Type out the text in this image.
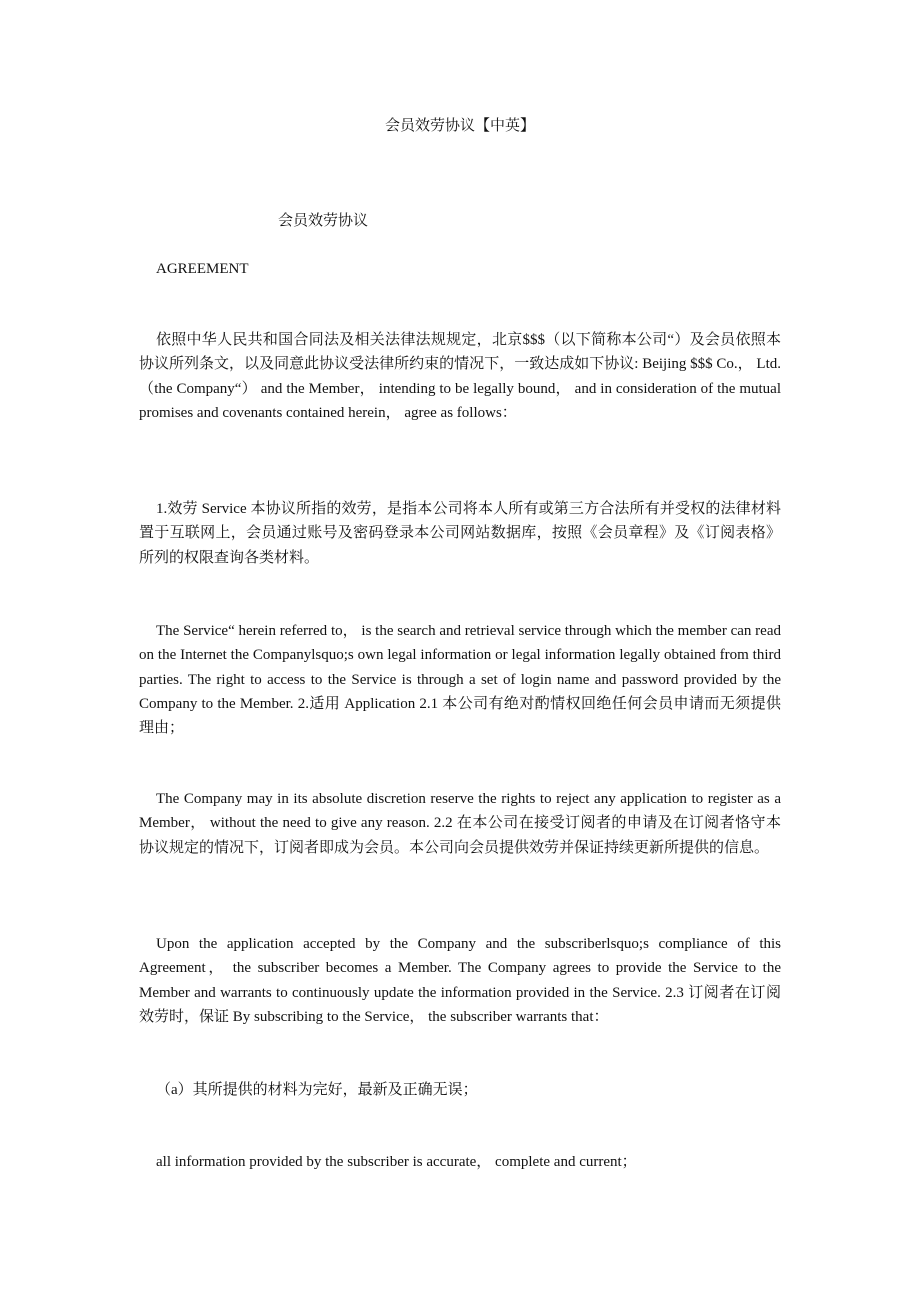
会员效劳协议【中英】
会员效劳协议
AGREEMENT

依照中华人民共和国合同法及相关法律法规规定，北京$$$（以下简称本公司“）及会员依照本协议所列条文，以及同意此协议受法律所约束的情况下，一致达成如下协议: Beijing $$$ Co.， Ltd. （the Company“） and the Member， intending to be legally bound， and in consideration of the mutual promises and covenants contained herein， agree as follows：

1.效劳 Service 本协议所指的效劳，是指本公司将本人所有或第三方合法所有并受权的法律材料置于互联网上，会员通过账号及密码登录本公司网站数据库，按照《会员章程》及《订阅表格》所列的权限查询各类材料。

The Service“ herein referred to， is the search and retrieval service through which the member can read on the Internet the Companylsquo;s own legal information or legal information legally obtained from third parties. The right to access to the Service is through a set of login name and password provided by the Company to the Member. 2.适用 Application 2.1 本公司有绝对酌情权回绝任何会员申请而无须提供理由；

The Company may in its absolute discretion reserve the rights to reject any application to register as a Member， without the need to give any reason. 2.2 在本公司在接受订阅者的申请及在订阅者恪守本协议规定的情况下，订阅者即成为会员。本公司向会员提供效劳并保证持续更新所提供的信息。

Upon the application accepted by the Company and the subscriberlsquo;s compliance of this Agreement， the subscriber becomes a Member. The Company agrees to provide the Service to the Member and warrants to continuously update the information provided in the Service. 2.3 订阅者在订阅效劳时，保证 By subscribing to the Service， the subscriber warrants that：

（a）其所提供的材料为完好，最新及正确无误；

all information provided by the subscriber is accurate， complete and current；
